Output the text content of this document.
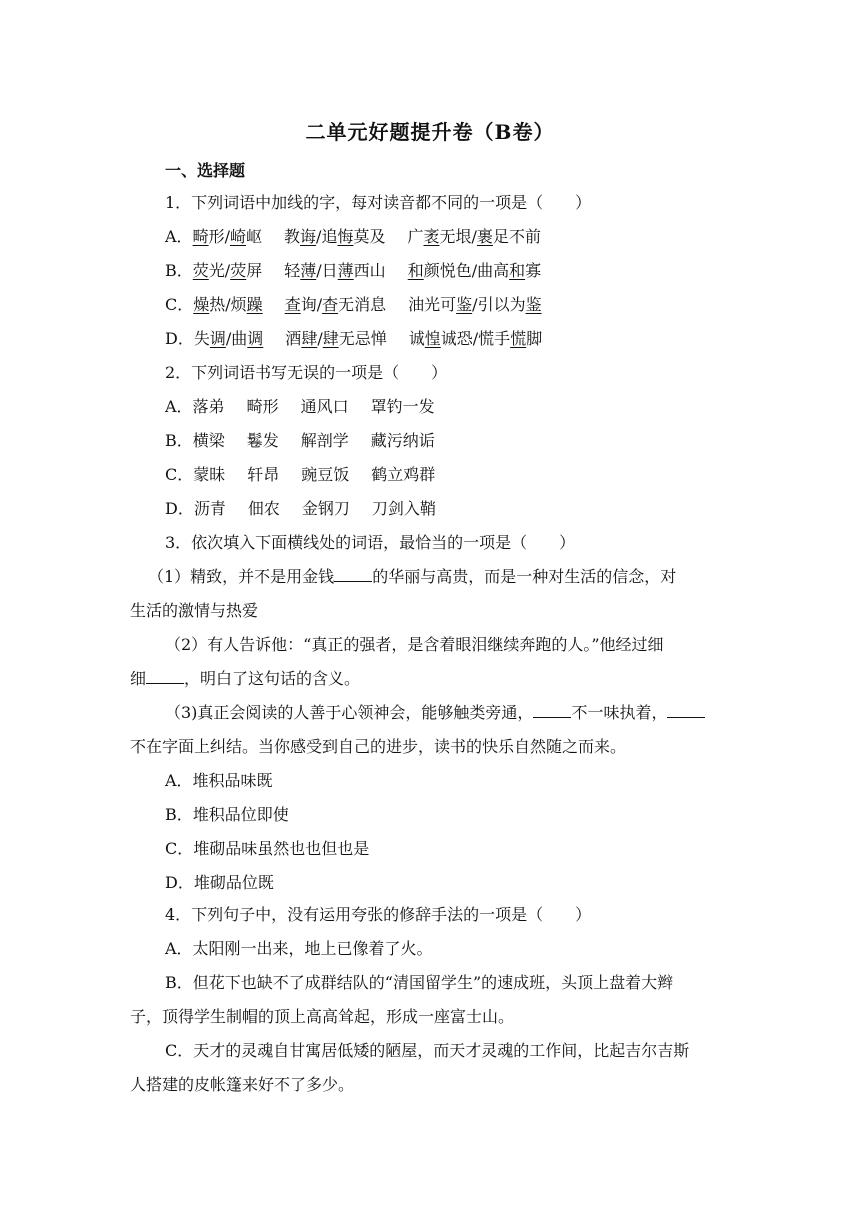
二单元好题提升卷（B卷）
一、选择题
1．下列词语中加线的字，每对读音都不同的一项是（　　）
A．畸形/崎岖 教诲/追悔莫及 广袤无垠/裹足不前
B．荧光/荧屏 轻薄/日薄西山 和颜悦色/曲高和寡
C．燥热/烦躁 查询/杳无消息 油光可鉴/引以为鉴
D．失调/曲调 酒肆/肆无忌惮 诚惶诚恐/慌手慌脚
2．下列词语书写无误的一项是（　　）
A．落弟 畸形 通风口 罩钓一发
B．横梁 鬈发 解剖学 藏污纳诟
C．蒙昧 轩昂 豌豆饭 鹤立鸡群
D．沥青 佃农 金钢刀 刀剑入鞘
3．依次填入下面横线处的词语，最恰当的一项是（　　）
（1）精致，并不是用金钱 的华丽与高贵，而是一种对生活的信念，对
生活的激情与热爱
（2）有人告诉他：“真正的强者，是含着眼泪继续奔跑的人。”他经过细
细 ，明白了这句话的含义。
（3)真正会阅读的人善于心领神会，能够触类旁通， 不一味执着，
不在字面上纠结。当你感受到自己的进步，读书的快乐自然随之而来。
A．堆积品味既
B．堆积品位即使
C．堆砌品味虽然也也但也是
D．堆砌品位既
4．下列句子中，没有运用夸张的修辞手法的一项是（　　）
A．太阳刚一出来，地上已像着了火。
B．但花下也缺不了成群结队的“清国留学生”的速成班，头顶上盘着大辫
子，顶得学生制帽的顶上高高耸起，形成一座富士山。
C．天才的灵魂自甘寓居低矮的陋屋，而天才灵魂的工作间，比起吉尔吉斯
人搭建的皮帐篷来好不了多少。
